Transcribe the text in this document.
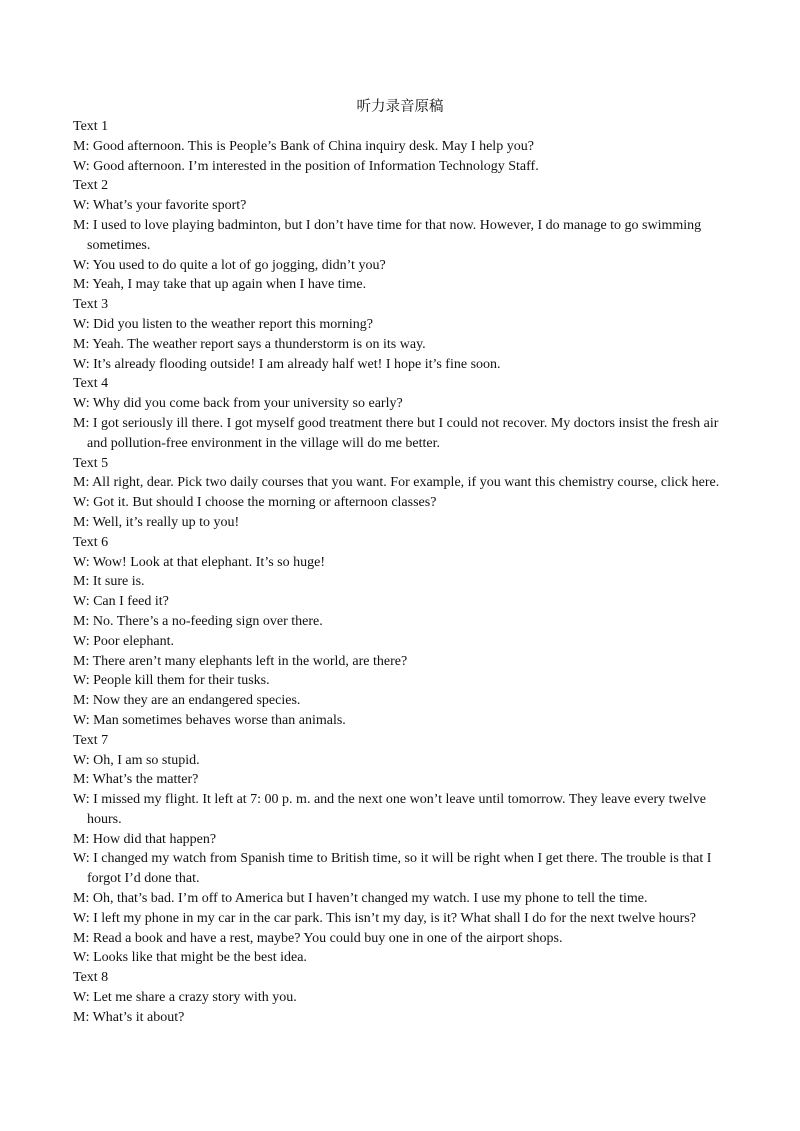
听力录音原稿
Text 1
M: Good afternoon. This is People’s Bank of China inquiry desk. May I help you?
W: Good afternoon. I’m interested in the position of Information Technology Staff.
Text 2
W: What’s your favorite sport?
M: I used to love playing badminton, but I don’t have time for that now. However, I do manage to go swimming
sometimes.
W: You used to do quite a lot of go jogging, didn’t you?
M: Yeah, I may take that up again when I have time.
Text 3
W: Did you listen to the weather report this morning?
M: Yeah. The weather report says a thunderstorm is on its way.
W: It’s already flooding outside! I am already half wet! I hope it’s fine soon.
Text 4
W: Why did you come back from your university so early?
M: I got seriously ill there. I got myself good treatment there but I could not recover. My doctors insist the fresh air
and pollution-free environment in the village will do me better.
Text 5
M: All right, dear. Pick two daily courses that you want. For example, if you want this chemistry course, click here.
W: Got it. But should I choose the morning or afternoon classes?
M: Well, it’s really up to you!
Text 6
W: Wow! Look at that elephant. It’s so huge!
M: It sure is.
W: Can I feed it?
M: No. There’s a no-feeding sign over there.
W: Poor elephant.
M: There aren’t many elephants left in the world, are there?
W: People kill them for their tusks.
M: Now they are an endangered species.
W: Man sometimes behaves worse than animals.
Text 7
W: Oh, I am so stupid.
M: What’s the matter?
W: I missed my flight. It left at 7: 00 p. m. and the next one won’t leave until tomorrow. They leave every twelve
hours.
M: How did that happen?
W: I changed my watch from Spanish time to British time, so it will be right when I get there. The trouble is that I
forgot I’d done that.
M: Oh, that’s bad. I’m off to America but I haven’t changed my watch. I use my phone to tell the time.
W: I left my phone in my car in the car park. This isn’t my day, is it? What shall I do for the next twelve hours?
M: Read a book and have a rest, maybe? You could buy one in one of the airport shops.
W: Looks like that might be the best idea.
Text 8
W: Let me share a crazy story with you.
M: What’s it about?
